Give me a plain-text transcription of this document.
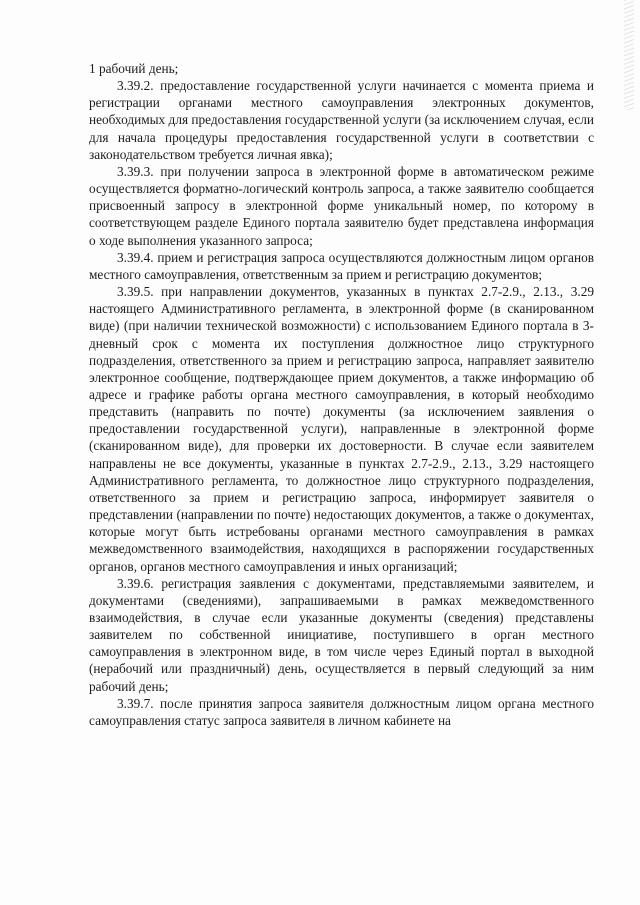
1 рабочий день;

3.39.2. предоставление государственной услуги начинается с момента приема и регистрации органами местного самоуправления электронных документов, необходимых для предоставления государственной услуги (за исключением случая, если для начала процедуры предоставления государственной услуги в соответствии с законодательством требуется личная явка);

3.39.3. при получении запроса в электронной форме в автоматическом режиме осуществляется форматно-логический контроль запроса, а также заявителю сообщается присвоенный запросу в электронной форме уникальный номер, по которому в соответствующем разделе Единого портала заявителю будет представлена информация о ходе выполнения указанного запроса;

3.39.4. прием и регистрация запроса осуществляются должностным лицом органов местного самоуправления, ответственным за прием и регистрацию документов;

3.39.5. при направлении документов, указанных в пунктах 2.7-2.9., 2.13., 3.29 настоящего Административного регламента, в электронной форме (в сканированном виде) (при наличии технической возможности) с использованием Единого портала в 3-дневный срок с момента их поступления должностное лицо структурного подразделения, ответственного за прием и регистрацию запроса, направляет заявителю электронное сообщение, подтверждающее прием документов, а также информацию об адресе и графике работы органа местного самоуправления, в который необходимо представить (направить по почте) документы (за исключением заявления о предоставлении государственной услуги), направленные в электронной форме (сканированном виде), для проверки их достоверности. В случае если заявителем направлены не все документы, указанные в пунктах 2.7-2.9., 2.13., 3.29 настоящего Административного регламента, то должностное лицо структурного подразделения, ответственного за прием и регистрацию запроса, информирует заявителя о представлении (направлении по почте) недостающих документов, а также о документах, которые могут быть истребованы органами местного самоуправления в рамках межведомственного взаимодействия, находящихся в распоряжении государственных органов, органов местного самоуправления и иных организаций;

3.39.6. регистрация заявления с документами, представляемыми заявителем, и документами (сведениями), запрашиваемыми в рамках межведомственного взаимодействия, в случае если указанные документы (сведения) представлены заявителем по собственной инициативе, поступившего в орган местного самоуправления в электронном виде, в том числе через Единый портал в выходной (нерабочий или праздничный) день, осуществляется в первый следующий за ним рабочий день;

3.39.7. после принятия запроса заявителя должностным лицом органа местного самоуправления статус запроса заявителя в личном кабинете на
